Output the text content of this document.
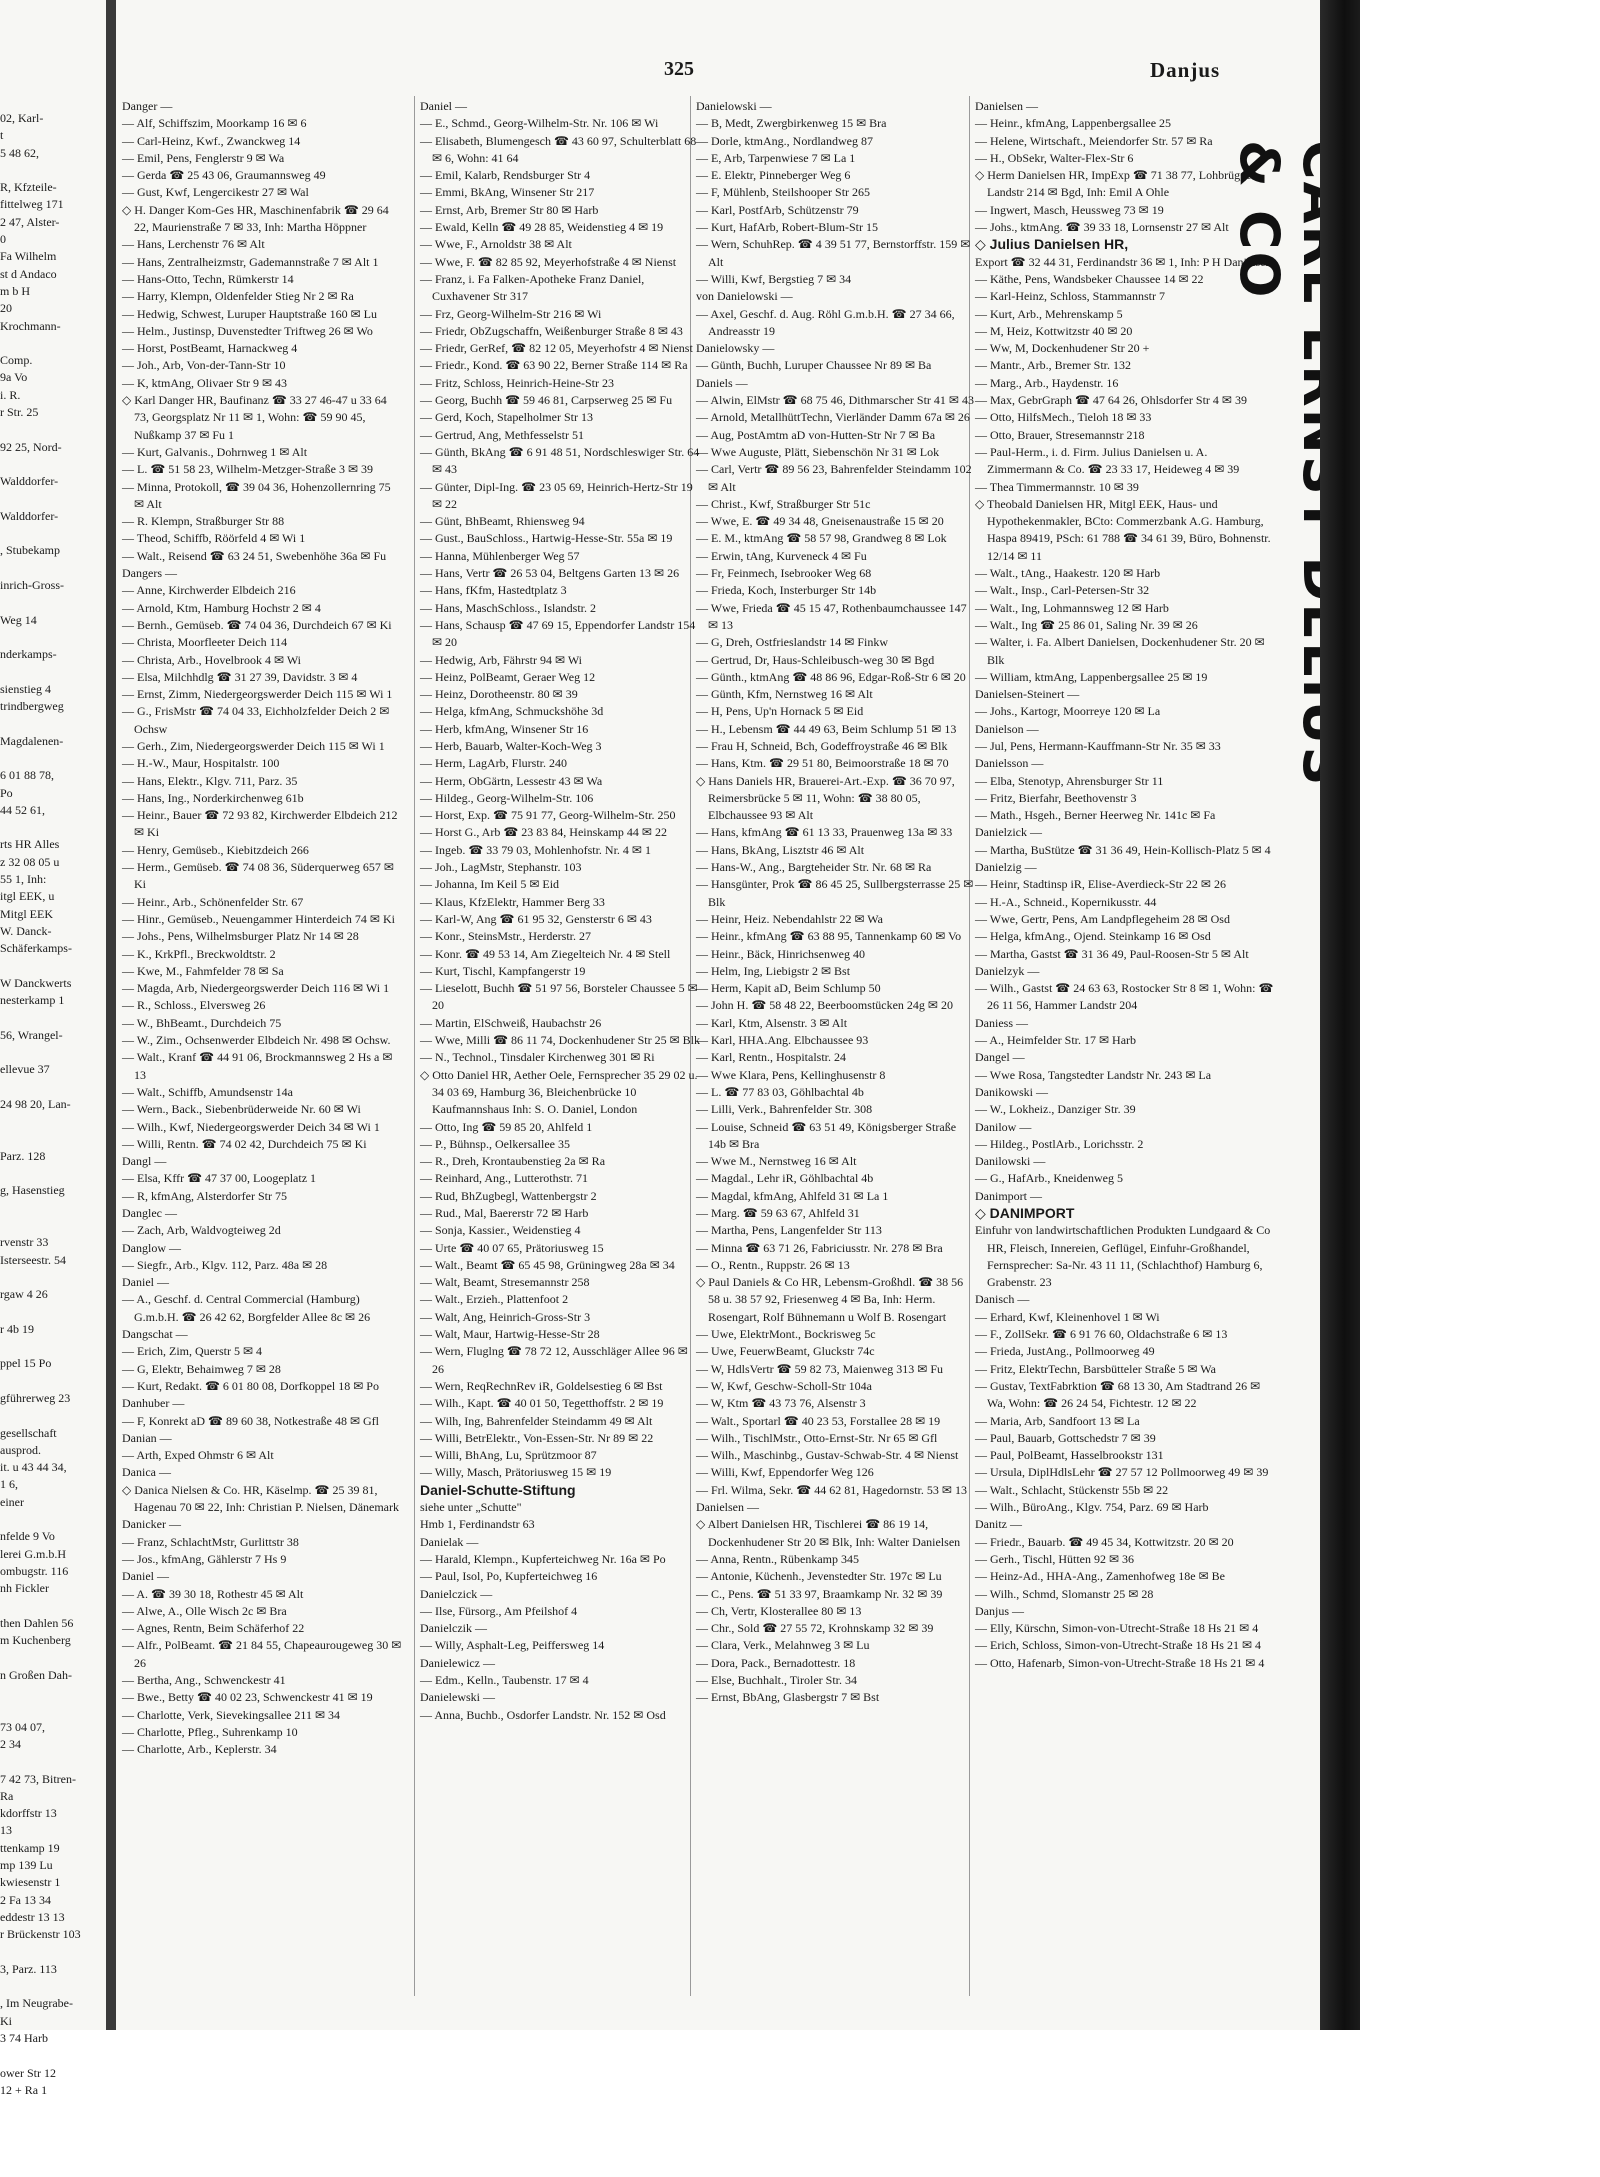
02, Karl-
t
5 48 62,

R, Kfzteile-
fittelweg 171
2 47, Alster-
0
Fa Wilhelm
st d Andaco
m b H
20
Krochmann-

Comp.
9a Vo
i. R.
r Str. 25

92 25, Nord-

Walddorfer-

Walddorfer-

, Stubekamp

inrich-Gross-

Weg 14

nderkamps-

sienstieg 4
trindbergweg

Magdalenen-

6 01 88 78,
Po
44 52 61,

rts HR Alles
z 32 08 05 u
55 1, Inh:
itgl EEK, u
Mitgl EEK
W. Danck-
Schäferkamps-

W Danckwerts
nesterkamp 1

56, Wrangel-

ellevue 37

24 98 20, Lan-

Parz. 128

g, Hasenstieg

rvenstr 33
Isterseestr. 54

rgaw 4 26

r 4b 19

ppel 15 Po

gführerweg 23

gesellschaft
ausprod.
it. u 43 44 34,
1 6,
einer

nfelde 9 Vo
lerei G.m.b.H
ombugstr. 116
nh Fickler

then Dahlen 56
m Kuchenberg

n Großen Dah-

73 04 07,
2 34

7 42 73, Bitren-
Ra
kdorffstr 13
13
ttenkamp 19
mp 139 Lu
kwiesenstr 1
2 Fa 13 34
eddestr 13 13
r Brückenstr 103

3, Parz. 113

, Im Neugrabe-
Ki
3 74 Harb

ower Str 12
12 + Ra 1
325	Danjus
Danger —
— Alf, Schiffszim, Moorkamp 16 ✉ 6
— Carl-Heinz, Kwf., Zwanckweg 14
— Emil, Pens, Fenglerstr 9 ✉ Wa
— Gerda ☎ 25 43 06, Graumannsweg 49
— Gust, Kwf, Lengercikestr 27 ✉ Wal
◇ H. Danger Kom-Ges HR, Maschinenfabrik ☎ 29 64 22, Maurienstraße 7 ✉ 33, Inh: Martha Höppner
— Hans, Lerchenstr 76 ✉ Alt
— Hans, Zentralheizmstr, Gademannstraße 7 ✉ Alt 1
— Hans-Otto, Techn, Rümkerstr 14
— Harry, Klempn, Oldenfelder Stieg Nr 2 ✉ Ra
— Hedwig, Schwest, Luruper Hauptstraße 160 ✉ Lu
— Helm., Justinsp, Duvenstedter Triftweg 26 ✉ Wo
— Horst, PostBeamt, Harnackweg 4
— Joh., Arb, Von-der-Tann-Str 10
— K, ktmAng, Olivaer Str 9 ✉ 43
◇ Karl Danger HR, Baufinanz ☎ 33 27 46-47 u 33 64 73, Georgsplatz Nr 11 ✉ 1, Wohn: ☎ 59 90 45, Nußkamp 37 ✉ Fu 1
— Kurt, Galvanis., Dohrnweg 1 ✉ Alt
— L. ☎ 51 58 23, Wilhelm-Metzger-Straße 3 ✉ 39
— Minna, Protokoll, ☎ 39 04 36, Hohenzollernring 75 ✉ Alt
— R. Klempn, Straßburger Str 88
— Theod, Schiffb, Röörfeld 4 ✉ Wi 1
— Walt., Reisend ☎ 63 24 51, Swebenhöhe 36a ✉ Fu
Dangers —
— Anne, Kirchwerder Elbdeich 216
— Arnold, Ktm, Hamburg Hochstr 2 ✉ 4
— Bernh., Gemüseb. ☎ 74 04 36, Durchdeich 67 ✉ Ki
— Christa, Moorfleeter Deich 114
— Christa, Arb., Hovelbrook 4 ✉ Wi
— Elsa, Milchhdlg ☎ 31 27 39, Davidstr. 3 ✉ 4
— Ernst, Zimm, Niedergeorgswerder Deich 115 ✉ Wi 1
— G., FrisMstr ☎ 74 04 33, Eichholzfelder Deich 2 ✉ Ochsw
— Gerh., Zim, Niedergeorgswerder Deich 115 ✉ Wi 1
— H.-W., Maur, Hospitalstr. 100
— Hans, Elektr., Klgv. 711, Parz. 35
— Hans, Ing., Norderkirchenweg 61b
— Heinr., Bauer ☎ 72 93 82, Kirchwerder Elbdeich 212 ✉ Ki
— Henry, Gemüseb., Kiebitzdeich 266
— Herm., Gemüseb. ☎ 74 08 36, Süderquerweg 657 ✉ Ki
— Heinr., Arb., Schönenfelder Str. 67
— Hinr., Gemüseb., Neuengammer Hinterdeich 74 ✉ Ki
— Johs., Pens, Wilhelmsburger Platz Nr 14 ✉ 28
— K., KrkPfl., Breckwoldtstr. 2
— Kwe, M., Fahmfelder 78 ✉ Sa
— Magda, Arb, Niedergeorgswerder Deich 116 ✉ Wi 1
— R., Schloss., Elversweg 26
— W., BhBeamt., Durchdeich 75
— W., Zim., Ochsenwerder Elbdeich Nr. 498 ✉ Ochsw.
— Walt., Kranf ☎ 44 91 06, Brockmannsweg 2 Hs a ✉ 13
— Walt., Schiffb, Amundsenstr 14a
— Wern., Back., Siebenbrüderweide Nr. 60 ✉ Wi
— Wilh., Kwf, Niedergeorgswerder Deich 34 ✉ Wi 1
— Willi, Rentn. ☎ 74 02 42, Durchdeich 75 ✉ Ki
Dangl —
— Elsa, Kffr ☎ 47 37 00, Loogeplatz 1
— R, kfmAng, Alsterdorfer Str 75
Danglec —
— Zach, Arb, Waldvogteiweg 2d
Danglow —
— Siegfr., Arb., Klgv. 112, Parz. 48a ✉ 28
Daniel —
— A., Geschf. d. Central Commercial (Hamburg) G.m.b.H. ☎ 26 42 62, Borgfelder Allee 8c ✉ 26
Dangschat —
— Erich, Zim, Querstr 5 ✉ 4
— G, Elektr, Behaimweg 7 ✉ 28
— Kurt, Redakt. ☎ 6 01 80 08, Dorfkoppel 18 ✉ Po
Danhuber —
— F, Konrekt aD ☎ 89 60 38, Notkestraße 48 ✉ Gfl
Danian —
— Arth, Exped Ohmstr 6 ✉ Alt
Danica —
◇ Danica Nielsen & Co. HR, Käselmp. ☎ 25 39 81, Hagenau 70 ✉ 22, Inh: Christian P. Nielsen, Dänemark
Danicker —
— Franz, SchlachtMstr, Gurlittstr 38
— Jos., kfmAng, Gählerstr 7 Hs 9
Daniel —
— A. ☎ 39 30 18, Rothestr 45 ✉ Alt
— Alwe, A., Olle Wisch 2c ✉ Bra
— Agnes, Rentn, Beim Schäferhof 22
— Alfr., PolBeamt. ☎ 21 84 55, Chapeaurougeweg 30 ✉ 26
— Bertha, Ang., Schwenckestr 41
— Bwe., Betty ☎ 40 02 23, Schwenckestr 41 ✉ 19
— Charlotte, Verk, Sievekingsallee 211 ✉ 34
— Charlotte, Pfleg., Suhrenkamp 10
— Charlotte, Arb., Keplerstr. 34
Daniel —
— E., Schmd., Georg-Wilhelm-Str. Nr. 106 ✉ Wi
— Elisabeth, Blumengesch ☎ 43 60 97, Schulterblatt 68 ✉ 6, Wohn: 41 64
— Emil, Kalarb, Rendsburger Str 4
— Emmi, BkAng, Winsener Str 217
— Ernst, Arb, Bremer Str 80 ✉ Harb
— Ewald, Kelln ☎ 49 28 85, Weidenstieg 4 ✉ 19
— Wwe, F., Arnoldstr 38 ✉ Alt
— Wwe, F. ☎ 82 85 92, Meyerhofstraße 4 ✉ Nienst
— Franz, i. Fa Falken-Apotheke Franz Daniel, Cuxhavener Str 317
— Frz, Georg-Wilhelm-Str 216 ✉ Wi
— Friedr, ObZugschaffn, Weißenburger Straße 8 ✉ 43
— Friedr, GerRef, ☎ 82 12 05, Meyerhofstr 4 ✉ Nienst
— Friedr., Kond. ☎ 63 90 22, Berner Straße 114 ✉ Ra
— Fritz, Schloss, Heinrich-Heine-Str 23
— Georg, Buchh ☎ 59 46 81, Carpserweg 25 ✉ Fu
— Gerd, Koch, Stapelholmer Str 13
— Gertrud, Ang, Methfesselstr 51
— Günth, BkAng ☎ 6 91 48 51, Nordschleswiger Str. 64 ✉ 43
— Günter, Dipl-Ing. ☎ 23 05 69, Heinrich-Hertz-Str 19 ✉ 22
— Günt, BhBeamt, Rhiensweg 94
— Gust., BauSchloss., Hartwig-Hesse-Str. 55a ✉ 19
— Hanna, Mühlenberger Weg 57
— Hans, Vertr ☎ 26 53 04, Beltgens Garten 13 ✉ 26
— Hans, fKfm, Hastedtplatz 3
— Hans, MaschSchloss., Islandstr. 2
— Hans, Schausp ☎ 47 69 15, Eppendorfer Landstr 154 ✉ 20
— Hedwig, Arb, Fährstr 94 ✉ Wi
— Heinz, PolBeamt, Geraer Weg 12
— Heinz, Dorotheenstr. 80 ✉ 39
— Helga, kfmAng, Schmuckshöhe 3d
— Herb, kfmAng, Winsener Str 16
— Herb, Bauarb, Walter-Koch-Weg 3
— Herm, LagArb, Flurstr. 240
— Herm, ObGärtn, Lessestr 43 ✉ Wa
— Hildeg., Georg-Wilhelm-Str. 106
— Horst, Exp. ☎ 75 91 77, Georg-Wilhelm-Str. 250
— Horst G., Arb ☎ 23 83 84, Heinskamp 44 ✉ 22
— Ingeb. ☎ 33 79 03, Mohlenhofstr. Nr. 4 ✉ 1
— Joh., LagMstr, Stephanstr. 103
— Johanna, Im Keil 5 ✉ Eid
— Klaus, KfzElektr, Hammer Berg 33
— Karl-W, Ang ☎ 61 95 32, Gensterstr 6 ✉ 43
— Konr., SteinsMstr., Herderstr. 27
— Konr. ☎ 49 53 14, Am Ziegelteich Nr. 4 ✉ Stell
— Kurt, Tischl, Kampfangerstr 19
— Lieselott, Buchh ☎ 51 97 56, Borsteler Chaussee 5 ✉ 20
— Martin, ElSchweiß, Haubachstr 26
— Wwe, Milli ☎ 86 11 74, Dockenhudener Str 25 ✉ Blk
— N., Technol., Tinsdaler Kirchenweg 301 ✉ Ri
◇ Otto Daniel HR, Aether Oele, Fernsprecher 35 29 02 u. 34 03 69, Hamburg 36, Bleichenbrücke 10 Kaufmannshaus Inh: S. O. Daniel, London
— Otto, Ing ☎ 59 85 20, Ahlfeld 1
— P., Bühnsp., Oelkersallee 35
— R., Dreh, Krontaubenstieg 2a ✉ Ra
— Reinhard, Ang., Lutterothstr. 71
— Rud, BhZugbegl, Wattenbergstr 2
— Rud., Mal, Baererstr 72 ✉ Harb
— Sonja, Kassier., Weidenstieg 4
— Urte ☎ 40 07 65, Prätoriusweg 15
— Walt., Beamt ☎ 65 45 98, Grüningweg 28a ✉ 34
— Walt, Beamt, Stresemannstr 258
— Walt., Erzieh., Plattenfoot 2
— Walt, Ang, Heinrich-Gross-Str 3
— Walt, Maur, Hartwig-Hesse-Str 28
— Wern, Fluglng ☎ 78 72 12, Ausschläger Allee 96 ✉ 26
— Wern, ReqRechnRev iR, Goldelsestieg 6 ✉ Bst
— Wilh., Kapt. ☎ 40 01 50, Tegetthoffstr. 2 ✉ 19
— Wilh, Ing, Bahrenfelder Steindamm 49 ✉ Alt
— Willi, BetrElektr., Von-Essen-Str. Nr 89 ✉ 22
— Willi, BhAng, Lu, Sprützmoor 87
— Willy, Masch, Prätoriusweg 15 ✉ 19
Daniel-Schutte-Stiftung
siehe unter „Schutte"
Hmb 1, Ferdinandstr 63
Danielak —
— Harald, Klempn., Kupferteichweg Nr. 16a ✉ Po
— Paul, Isol, Po, Kupferteichweg 16
Danielczick —
— Ilse, Fürsorg., Am Pfeilshof 4
Danielczik —
— Willy, Asphalt-Leg, Peiffersweg 14
Danielewicz —
— Edm., Kelln., Taubenstr. 17 ✉ 4
Danielewski —
— Anna, Buchb., Osdorfer Landstr. Nr. 152 ✉ Osd
Danielowski —
— B, Medt, Zwergbirkenweg 15 ✉ Bra
— Dorle, ktmAng., Nordlandweg 87
— E, Arb, Tarpenwiese 7 ✉ La 1
— E. Elektr, Pinneberger Weg 6
— F, Mühlenb, Steilshooper Str 265
— Karl, PostfArb, Schützenstr 79
— Kurt, HafArb, Robert-Blum-Str 15
— Wern, SchuhRep. ☎ 4 39 51 77, Bernstorffstr. 159 ✉ Alt
— Willi, Kwf, Bergstieg 7 ✉ 34
von Danielowski —
— Axel, Geschf. d. Aug. Röhl G.m.b.H. ☎ 27 34 66, Andreasstr 19
Danielowsky —
— Günth, Buchh, Luruper Chaussee Nr 89 ✉ Ba
Daniels —
— Alwin, ElMstr ☎ 68 75 46, Dithmarscher Str 41 ✉ 43
— Arnold, MetallhüttTechn, Vierländer Damm 67a ✉ 26
— Aug, PostAmtm aD von-Hutten-Str Nr 7 ✉ Ba
— Wwe Auguste, Plätt, Siebenschön Nr 31 ✉ Lok
— Carl, Vertr ☎ 89 56 23, Bahrenfelder Steindamm 102 ✉ Alt
— Christ., Kwf, Straßburger Str 51c
— Wwe, E. ☎ 49 34 48, Gneisenaustraße 15 ✉ 20
— E. M., ktmAng ☎ 58 57 98, Grandweg 8 ✉ Lok
— Erwin, tAng, Kurveneck 4 ✉ Fu
— Fr, Feinmech, Isebrooker Weg 68
— Frieda, Koch, Insterburger Str 14b
— Wwe, Frieda ☎ 45 15 47, Rothenbaumchaussee 147 ✉ 13
— G, Dreh, Ostfrieslandstr 14 ✉ Finkw
— Gertrud, Dr, Haus-Schleibusch-weg 30 ✉ Bgd
— Günth., ktmAng ☎ 48 86 96, Edgar-Roß-Str 6 ✉ 20
— Günth, Kfm, Nernstweg 16 ✉ Alt
— H, Pens, Up'n Hornack 5 ✉ Eid
— H., Lebensm ☎ 44 49 63, Beim Schlump 51 ✉ 13
— Frau H, Schneid, Bch, Godeffroystraße 46 ✉ Blk
— Hans, Ktm. ☎ 29 51 80, Beimoorstraße 18 ✉ 70
◇ Hans Daniels HR, Brauerei-Art.-Exp. ☎ 36 70 97, Reimersbrücke 5 ✉ 11, Wohn: ☎ 38 80 05, Elbchaussee 93 ✉ Alt
— Hans, kfmAng ☎ 61 13 33, Prauenweg 13a ✉ 33
— Hans, BkAng, Lisztstr 46 ✉ Alt
— Hans-W., Ang., Bargteheider Str. Nr. 68 ✉ Ra
— Hansgünter, Prok ☎ 86 45 25, Sullbergsterrasse 25 ✉ Blk
— Heinr, Heiz. Nebendahlstr 22 ✉ Wa
— Heinr., kfmAng ☎ 63 88 95, Tannenkamp 60 ✉ Vo
— Heinr., Bäck, Hinrichsenweg 40
— Helm, Ing, Liebigstr 2 ✉ Bst
— Herm, Kapit aD, Beim Schlump 50
— John H. ☎ 58 48 22, Beerboomstücken 24g ✉ 20
— Karl, Ktm, Alsenstr. 3 ✉ Alt
— Karl, HHA.Ang. Elbchaussee 93
— Karl, Rentn., Hospitalstr. 24
— Wwe Klara, Pens, Kellinghusenstr 8
— L. ☎ 77 83 03, Göhlbachtal 4b
— Lilli, Verk., Bahrenfelder Str. 308
— Louise, Schneid ☎ 63 51 49, Königsberger Straße 14b ✉ Bra
— Wwe M., Nernstweg 16 ✉ Alt
— Magdal., Lehr iR, Göhlbachtal 4b
— Magdal, kfmAng, Ahlfeld 31 ✉ La 1
— Marg. ☎ 59 63 67, Ahlfeld 31
— Martha, Pens, Langenfelder Str 113
— Minna ☎ 63 71 26, Fabriciusstr. Nr. 278 ✉ Bra
— O., Rentn., Ruppstr. 26 ✉ 13
◇ Paul Daniels & Co HR, Lebensm-Großhdl. ☎ 38 56 58 u. 38 57 92, Friesenweg 4 ✉ Ba, Inh: Herm. Rosengart, Rolf Bühnemann u Wolf B. Rosengart
— Uwe, ElektrMont., Bockrisweg 5c
— Uwe, FeuerwBeamt, Gluckstr 74c
— W, HdlsVertr ☎ 59 82 73, Maienweg 313 ✉ Fu
— W, Kwf, Geschw-Scholl-Str 104a
— W, Ktm ☎ 43 73 76, Alsenstr 3
— Walt., Sportarl ☎ 40 23 53, Forstallee 28 ✉ 19
— Wilh., TischlMstr., Otto-Ernst-Str. Nr 65 ✉ Gfl
— Wilh., Maschinbg., Gustav-Schwab-Str. 4 ✉ Nienst
— Willi, Kwf, Eppendorfer Weg 126
— Frl. Wilma, Sekr. ☎ 44 62 81, Hagedornstr. 53 ✉ 13
Danielsen —
◇ Albert Danielsen HR, Tischlerei ☎ 86 19 14, Dockenhudener Str 20 ✉ Blk, Inh: Walter Danielsen
— Anna, Rentn., Rübenkamp 345
— Antonie, Küchenh., Jevenstedter Str. 197c ✉ Lu
— C., Pens. ☎ 51 33 97, Braamkamp Nr. 32 ✉ 39
— Ch, Vertr, Klosterallee 80 ✉ 13
— Chr., Sold ☎ 27 55 72, Krohnskamp 32 ✉ 39
— Clara, Verk., Melahnweg 3 ✉ Lu
— Dora, Pack., Bernadottestr. 18
— Else, Buchhalt., Tiroler Str. 34
— Ernst, BbAng, Glasbergstr 7 ✉ Bst
Danielsen —
— Heinr., kfmAng, Lappenbergsallee 25
— Helene, Wirtschaft., Meiendorfer Str. 57 ✉ Ra
— H., ObSekr, Walter-Flex-Str 6
◇ Herm Danielsen HR, ImpExp ☎ 71 38 77, Lohbrügger Landstr 214 ✉ Bgd, Inh: Emil A Ohle
— Ingwert, Masch, Heussweg 73 ✉ 19
— Johs., ktmAng. ☎ 39 33 18, Lornsenstr 27 ✉ Alt
◇ Julius Danielsen HR,
Export ☎ 32 44 31, Ferdinandstr 36 ✉ 1, Inh: P H Danielsen
— Käthe, Pens, Wandsbeker Chaussee 14 ✉ 22
— Karl-Heinz, Schloss, Stammannstr 7
— Kurt, Arb., Mehrenskamp 5
— M, Heiz, Kottwitzstr 40 ✉ 20
— Ww, M, Dockenhudener Str 20 +
— Mantr., Arb., Bremer Str. 132
— Marg., Arb., Haydenstr. 16
— Max, GebrGraph ☎ 47 64 26, Ohlsdorfer Str 4 ✉ 39
— Otto, HilfsMech., Tieloh 18 ✉ 33
— Otto, Brauer, Stresemannstr 218
— Paul-Herm., i. d. Firm. Julius Danielsen u. A. Zimmermann & Co. ☎ 23 33 17, Heideweg 4 ✉ 39
— Thea Timmermannstr. 10 ✉ 39
◇ Theobald Danielsen HR, Mitgl EEK, Haus- und Hypothekenmakler, BCto: Commerzbank A.G. Hamburg, Haspa 89419, PSch: 61 788 ☎ 34 61 39, Büro, Bohnenstr. 12/14 ✉ 11
— Walt., tAng., Haakestr. 120 ✉ Harb
— Walt., Insp., Carl-Petersen-Str 32
— Walt., Ing, Lohmannsweg 12 ✉ Harb
— Walt., Ing ☎ 25 86 01, Saling Nr. 39 ✉ 26
— Walter, i. Fa. Albert Danielsen, Dockenhudener Str. 20 ✉ Blk
— William, ktmAng, Lappenbergsallee 25 ✉ 19
Danielsen-Steinert —
— Johs., Kartogr, Moorreye 120 ✉ La
Danielson —
— Jul, Pens, Hermann-Kauffmann-Str Nr. 35 ✉ 33
Danielsson —
— Elba, Stenotyp, Ahrensburger Str 11
— Fritz, Bierfahr, Beethovenstr 3
— Math., Hsgeh., Berner Heerweg Nr. 141c ✉ Fa
Danielzick —
— Martha, BuStütze ☎ 31 36 49, Hein-Kollisch-Platz 5 ✉ 4
Danielzig —
— Heinr, Stadtinsp iR, Elise-Averdieck-Str 22 ✉ 26
— H.-A., Schneid., Kopernikusstr. 44
— Wwe, Gertr, Pens, Am Landpflegeheim 28 ✉ Osd
— Helga, kfmAng., Ojend. Steinkamp 16 ✉ Osd
— Martha, Gastst ☎ 31 36 49, Paul-Roosen-Str 5 ✉ Alt
Danielzyk —
— Wilh., Gastst ☎ 24 63 63, Rostocker Str 8 ✉ 1, Wohn: ☎ 26 11 56, Hammer Landstr 204
Daniess —
— A., Heimfelder Str. 17 ✉ Harb
Dangel —
— Wwe Rosa, Tangstedter Landstr Nr. 243 ✉ La
Danikowski —
— W., Lokheiz., Danziger Str. 39
Danilow —
— Hildeg., PostlArb., Lorichsstr. 2
Danilowski —
— G., HafArb., Kneidenweg 5
Danimport —
◇ DANIMPORT
Einfuhr von landwirtschaftlichen Produkten Lundgaard & Co HR, Fleisch, Innereien, Geflügel, Einfuhr-Großhandel, Fernsprecher: Sa-Nr. 43 11 11, (Schlachthof) Hamburg 6, Grabenstr. 23
Danisch —
— Erhard, Kwf, Kleinenhovel 1 ✉ Wi
— F., ZollSekr. ☎ 6 91 76 60, Oldachstraße 6 ✉ 13
— Frieda, JustAng., Pollmoorweg 49
— Fritz, ElektrTechn, Barsbütteler Straße 5 ✉ Wa
— Gustav, TextFabrktion ☎ 68 13 30, Am Stadtrand 26 ✉ Wa, Wohn: ☎ 26 24 54, Fichtestr. 12 ✉ 22
— Maria, Arb, Sandfoort 13 ✉ La
— Paul, Bauarb, Gottschedstr 7 ✉ 39
— Paul, PolBeamt, Hasselbrookstr 131
— Ursula, DiplHdlsLehr ☎ 27 57 12 Pollmoorweg 49 ✉ 39
— Walt., Schlacht, Stückenstr 55b ✉ 22
— Wilh., BüroAng., Klgv. 754, Parz. 69 ✉ Harb
Danitz —
— Friedr., Bauarb. ☎ 49 45 34, Kottwitzstr. 20 ✉ 20
— Gerh., Tischl, Hütten 92 ✉ 36
— Heinz-Ad., HHA-Ang., Zamenhofweg 18e ✉ Be
— Wilh., Schmd, Slomanstr 25 ✉ 28
Danjus —
— Elly, Kürschn, Simon-von-Utrecht-Straße 18 Hs 21 ✉ 4
— Erich, Schloss, Simon-von-Utrecht-Straße 18 Hs 21 ✉ 4
— Otto, Hafenarb, Simon-von-Utrecht-Straße 18 Hs 21 ✉ 4
& CO
